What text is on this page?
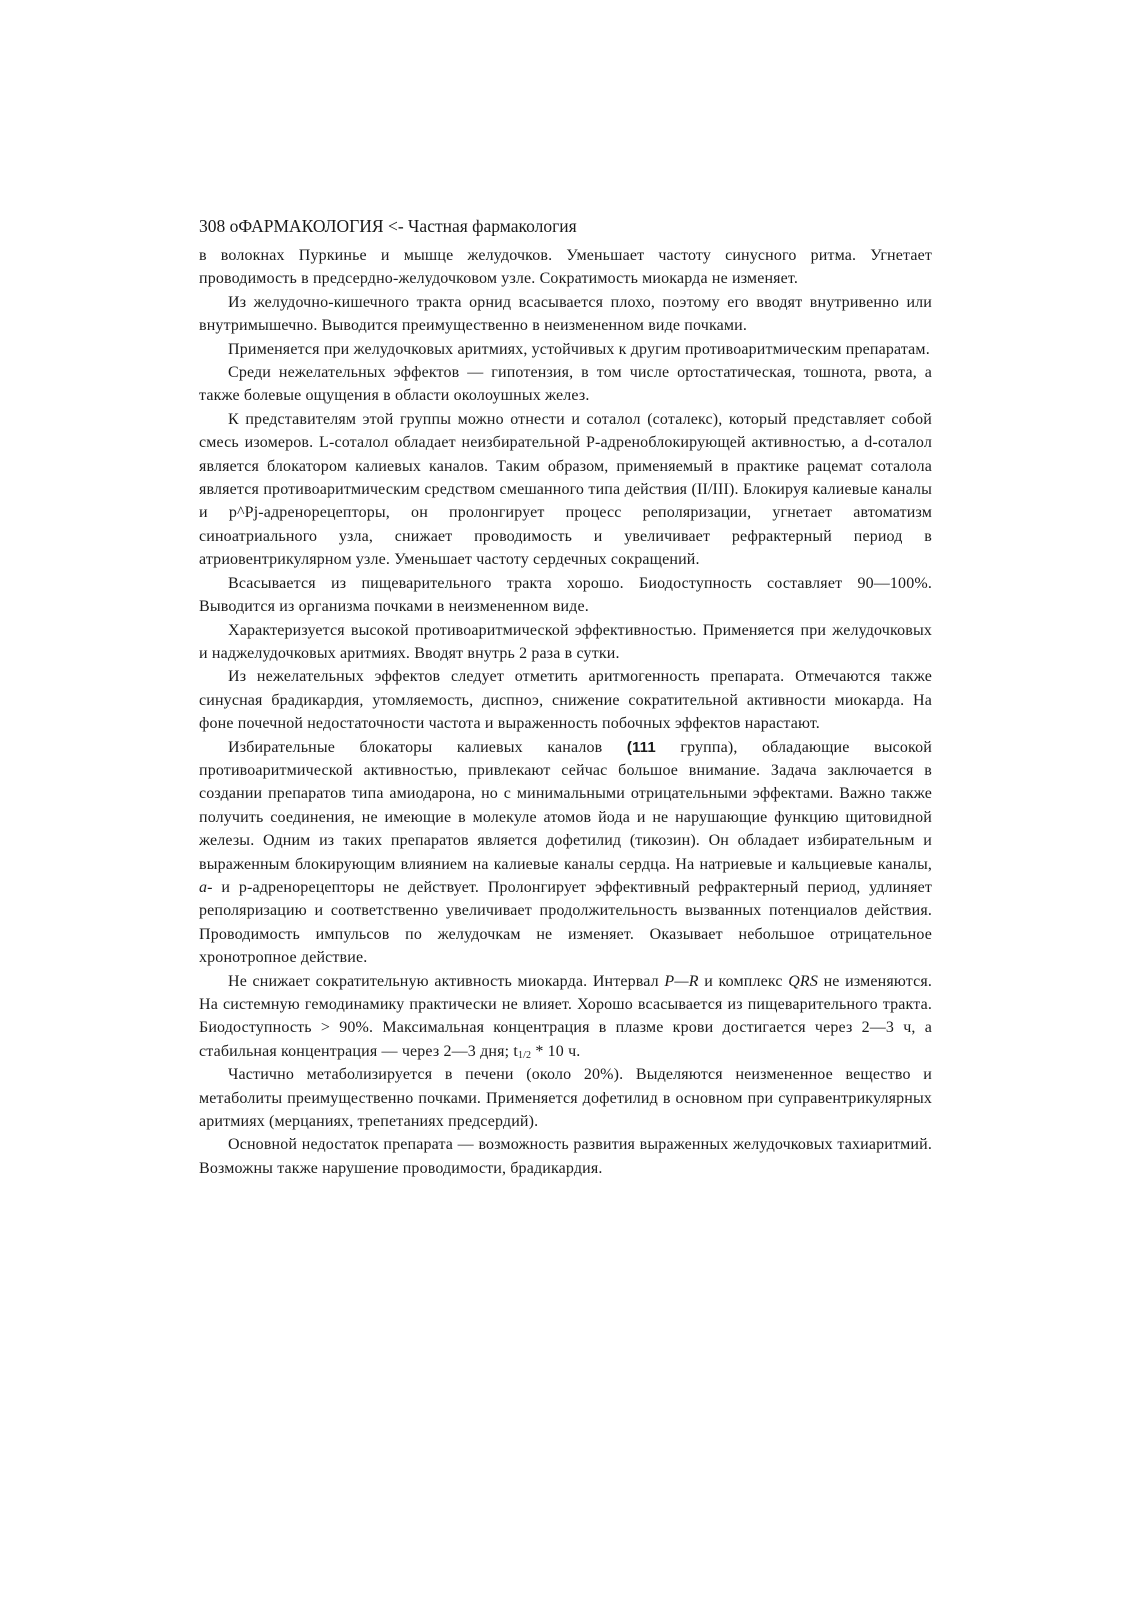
308 оФАРМАКОЛОГИЯ <- Частная фармакология

в волокнах Пуркинье и мышце желудочков. Уменьшает частоту синусного ритма. Угнетает проводимость в предсердно-желудочковом узле. Сократимость миокарда не изменяет.

Из желудочно-кишечного тракта орнид всасывается плохо, поэтому его вводят внутривенно или внутримышечно. Выводится преимущественно в неизмененном виде почками.

Применяется при желудочковых аритмиях, устойчивых к другим противоаритмическим препаратам.

Среди нежелательных эффектов — гипотензия, в том числе ортостатическая, тошнота, рвота, а также болевые ощущения в области околоушных желез.

К представителям этой группы можно отнести и соталол (соталекс), который представляет собой смесь изомеров. L-соталол обладает неизбирательной Р-адреноблокирующей активностью, a d-соталол является блокатором калиевых каналов. Таким образом, применяемый в практике рацемат соталола является противоаритмическим средством смешанного типа действия (II/III). Блокируя калиевые каналы и р^Pj-адренорецепторы, он пролонгирует процесс реполяризации, угнетает автоматизм синоатриального узла, снижает проводимость и увеличивает рефрактерный период в атриовентрикулярном узле. Уменьшает частоту сердечных сокращений.

Всасывается из пищеварительного тракта хорошо. Биодоступность составляет 90—100%. Выводится из организма почками в неизмененном виде.

Характеризуется высокой противоаритмической эффективностью. Применяется при желудочковых и наджелудочковых аритмиях. Вводят внутрь 2 раза в сутки.

Из нежелательных эффектов следует отметить аритмогенность препарата. Отмечаются также синусная брадикардия, утомляемость, диспноэ, снижение сократительной активности миокарда. На фоне почечной недостаточности частота и выраженность побочных эффектов нарастают.

Избирательные блокаторы калиевых каналов (111 группа), обладающие высокой противоаритмической активностью, привлекают сейчас большое внимание. Задача заключается в создании препаратов типа амиодарона, но с минимальными отрицательными эффектами. Важно также получить соединения, не имеющие в молекуле атомов йода и не нарушающие функцию щитовидной железы. Одним из таких препаратов является дофетилид (тикозин). Он обладает избирательным и выраженным блокирующим влиянием на калиевые каналы сердца. На натриевые и кальциевые каналы, а- и р-адренорецепторы не действует. Пролонгирует эффективный рефрактерный период, удлиняет реполяризацию и соответственно увеличивает продолжительность вызванных потенциалов действия. Проводимость импульсов по желудочкам не изменяет. Оказывает небольшое отрицательное хронотропное действие.

Не снижает сократительную активность миокарда. Интервал Р—R и комплекс QRS не изменяются. На системную гемодинамику практически не влияет. Хорошо всасывается из пищеварительного тракта. Биодоступность > 90%. Максимальная концентрация в плазме крови достигается через 2—3 ч, а стабильная концентрация — через 2—3 дня; $t_{1/2} * 10$ ч.

Частично метаболизируется в печени (около 20%). Выделяются неизмененное вещество и метаболиты преимущественно почками. Применяется дофетилид в основном при суправентрикулярных аритмиях (мерцаниях, трепетаниях предсердий).

Основной недостаток препарата — возможность развития выраженных желудочковых тахиаритмий. Возможны также нарушение проводимости, брадикардия.
